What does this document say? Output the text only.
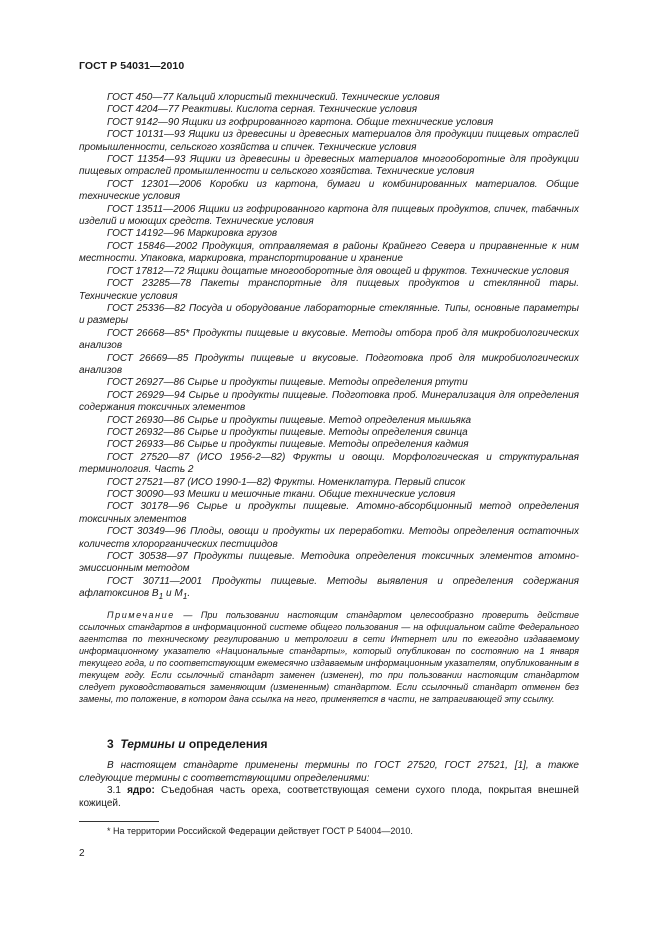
ГОСТ Р 54031—2010

ГОСТ 450—77 Кальций хлористый технический. Технические условия

ГОСТ 4204—77 Реактивы. Кислота серная. Технические условия

ГОСТ 9142—90 Ящики из гофрированного картона. Общие технические условия

ГОСТ 10131—93 Ящики из древесины и древесных материалов для продукции пищевых отраслей промышленности, сельского хозяйства и спичек. Технические условия

ГОСТ 11354—93 Ящики из древесины и древесных материалов многооборотные для продукции пищевых отраслей промышленности и сельского хозяйства. Технические условия

ГОСТ 12301—2006 Коробки из картона, бумаги и комбинированных материалов. Общие технические условия

ГОСТ 13511—2006 Ящики из гофрированного картона для пищевых продуктов, спичек, табачных изделий и моющих средств. Технические условия

ГОСТ 14192—96 Маркировка грузов

ГОСТ 15846—2002 Продукция, отправляемая в районы Крайнего Севера и приравненные к ним местности. Упаковка, маркировка, транспортирование и хранение

ГОСТ 17812—72 Ящики дощатые многооборотные для овощей и фруктов. Технические условия

ГОСТ 23285—78 Пакеты транспортные для пищевых продуктов и стеклянной тары. Технические условия

ГОСТ 25336—82 Посуда и оборудование лабораторные стеклянные. Типы, основные параметры и размеры

ГОСТ 26668—85* Продукты пищевые и вкусовые. Методы отбора проб для микробиологических анализов

ГОСТ 26669—85 Продукты пищевые и вкусовые. Подготовка проб для микробиологических анализов

ГОСТ 26927—86 Сырье и продукты пищевые. Методы определения ртути

ГОСТ 26929—94 Сырье и продукты пищевые. Подготовка проб. Минерализация для определения содержания токсичных элементов

ГОСТ 26930—86 Сырье и продукты пищевые. Метод определения мышьяка

ГОСТ 26932—86 Сырье и продукты пищевые. Методы определения свинца

ГОСТ 26933—86 Сырье и продукты пищевые. Методы определения кадмия

ГОСТ 27520—87 (ИСО 1956-2—82) Фрукты и овощи. Морфологическая и структуральная терминология. Часть 2

ГОСТ 27521—87 (ИСО 1990-1—82) Фрукты. Номенклатура. Первый список

ГОСТ 30090—93 Мешки и мешочные ткани. Общие технические условия

ГОСТ 30178—96 Сырье и продукты пищевые. Атомно-абсорбционный метод определения токсичных элементов

ГОСТ 30349—96 Плоды, овощи и продукты их переработки. Методы определения остаточных количеств хлорорганических пестицидов

ГОСТ 30538—97 Продукты пищевые. Методика определения токсичных элементов атомно-эмиссионным методом

ГОСТ 30711—2001 Продукты пищевые. Методы выявления и определения содержания афлатоксинов $B_1$ и $M_1$.

Примечание — При пользовании настоящим стандартом целесообразно проверить действие ссылочных стандартов в информационной системе общего пользования — на официальном сайте Федерального агентства по техническому регулированию и метрологии в сети Интернет или по ежегодно издаваемому информационному указателю «Национальные стандарты», который опубликован по состоянию на 1 января текущего года, и по соответствующим ежемесячно издаваемым информационным указателям, опубликованным в текущем году. Если ссылочный стандарт заменен (изменен), то при пользовании настоящим стандартом следует руководствоваться заменяющим (измененным) стандартом. Если ссылочный стандарт отменен без замены, то положение, в котором дана ссылка на него, применяется в части, не затрагивающей эту ссылку.

3 Термины и определения

В настоящем стандарте применены термины по ГОСТ 27520, ГОСТ 27521, [1], а также следующие термины с соответствующими определениями:

3.1 ядро: Съедобная часть ореха, соответствующая семени сухого плода, покрытая внешней кожицей.

* На территории Российской Федерации действует ГОСТ Р 54004—2010.
2
